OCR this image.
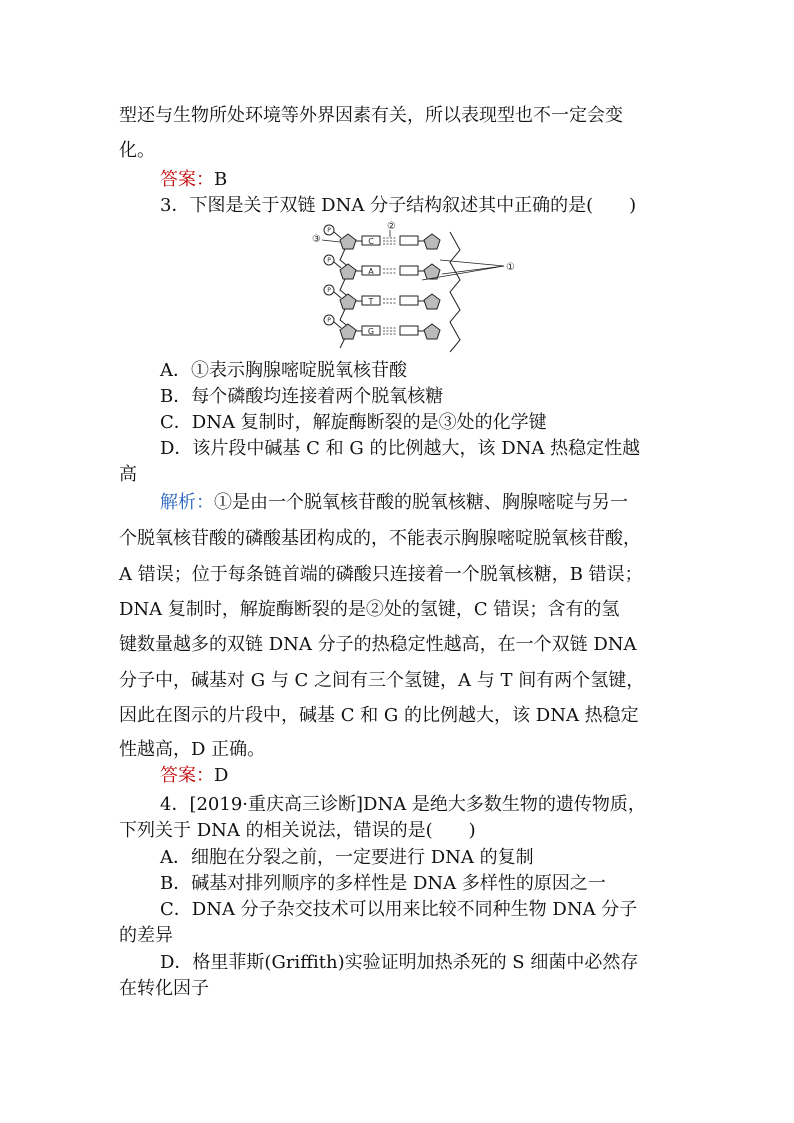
型还与生物所处环境等外界因素有关，所以表现型也不一定会变
化。
答案：B
3．下图是关于双链 DNA 分子结构叙述其中正确的是(　　)
P
P
P
P
C
A
T
G
③
②
①
A．①表示胸腺嘧啶脱氧核苷酸
B．每个磷酸均连接着两个脱氧核糖
C．DNA 复制时，解旋酶断裂的是③处的化学键
D．该片段中碱基 C 和 G 的比例越大，该 DNA 热稳定性越
高
解析：①是由一个脱氧核苷酸的脱氧核糖、胸腺嘧啶与另一
个脱氧核苷酸的磷酸基团构成的，不能表示胸腺嘧啶脱氧核苷酸，
A 错误；位于每条链首端的磷酸只连接着一个脱氧核糖，B 错误；
DNA 复制时，解旋酶断裂的是②处的氢键，C 错误；含有的氢
键数量越多的双链 DNA 分子的热稳定性越高，在一个双链 DNA
分子中，碱基对 G 与 C 之间有三个氢键，A 与 T 间有两个氢键，
因此在图示的片段中，碱基 C 和 G 的比例越大，该 DNA 热稳定
性越高，D 正确。
答案：D
4．[2019·重庆高三诊断]DNA 是绝大多数生物的遗传物质，
下列关于 DNA 的相关说法，错误的是(　　)
A．细胞在分裂之前，一定要进行 DNA 的复制
B．碱基对排列顺序的多样性是 DNA 多样性的原因之一
C．DNA 分子杂交技术可以用来比较不同种生物 DNA 分子
的差异
D．格里菲斯(Griffith)实验证明加热杀死的 S 细菌中必然存
在转化因子
